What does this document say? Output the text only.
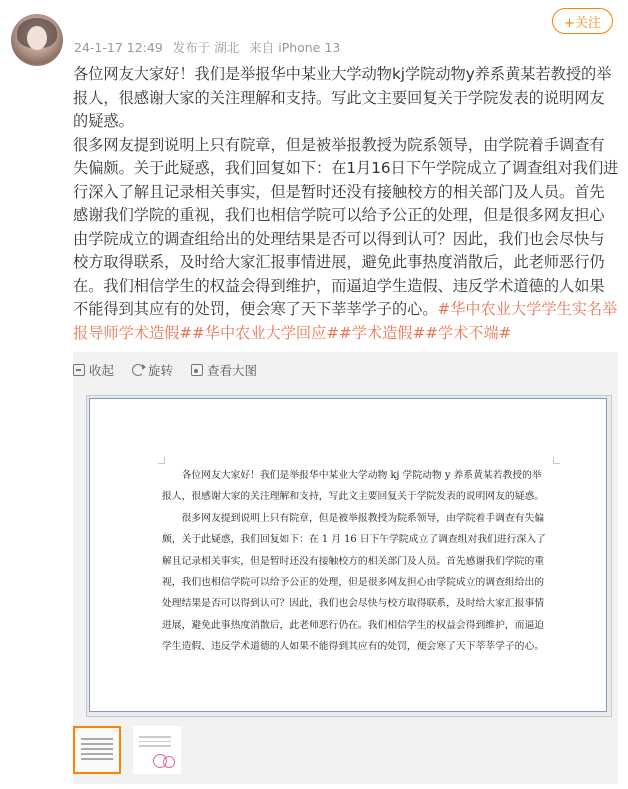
24-1-17 12:49 发布于 湖北 来自 iPhone 13
+关注

各位网友大家好！我们是举报华中某业大学动物kj学院动物y养系黄某若教授的举报人，很感谢大家的关注理解和支持。写此文主要回复关于学院发表的说明网友的疑惑。

很多网友提到说明上只有院章，但是被举报教授为院系领导，由学院着手调查有失偏颇。关于此疑惑，我们回复如下：在1月16日下午学院成立了调查组对我们进行深入了解且记录相关事实，但是暂时还没有接触校方的相关部门及人员。首先感谢我们学院的重视，我们也相信学院可以给予公正的处理，但是很多网友担心由学院成立的调查组给出的处理结果是否可以得到认可？因此，我们也会尽快与校方取得联系，及时给大家汇报事情进展，避免此事热度消散后，此老师恶行仍在。我们相信学生的权益会得到维护，而逼迫学生造假、违反学术道德的人如果不能得到其应有的处罚，便会寒了天下莘莘学子的心。#华中农业大学学生实名举报导师学术造假##华中农业大学回应##学术造假##学术不端#

收起	旋转	查看大图

各位网友大家好！我们是举报华中某业大学动物 kj 学院动物 y 养系黄某若教授的举报人，很感谢大家的关注理解和支持，写此文主要回复关于学院发表的说明网友的疑惑。

很多网友提到说明上只有院章，但是被举报教授为院系领导，由学院着手调查有失偏颇，关于此疑惑，我们回复如下：在 1 月 16 日下午学院成立了调查组对我们进行深入了解且记录相关事实，但是暂时还没有接触校方的相关部门及人员。首先感谢我们学院的重视，我们也相信学院可以给予公正的处理，但是很多网友担心由学院成立的调查组给出的处理结果是否可以得到认可？因此，我们也会尽快与校方取得联系，及时给大家汇报事情进展，避免此事热度消散后，此老师恶行仍在。我们相信学生的权益会得到维护，而逼迫学生造假、违反学术道德的人如果不能得到其应有的处罚，便会寒了天下莘莘学子的心。
